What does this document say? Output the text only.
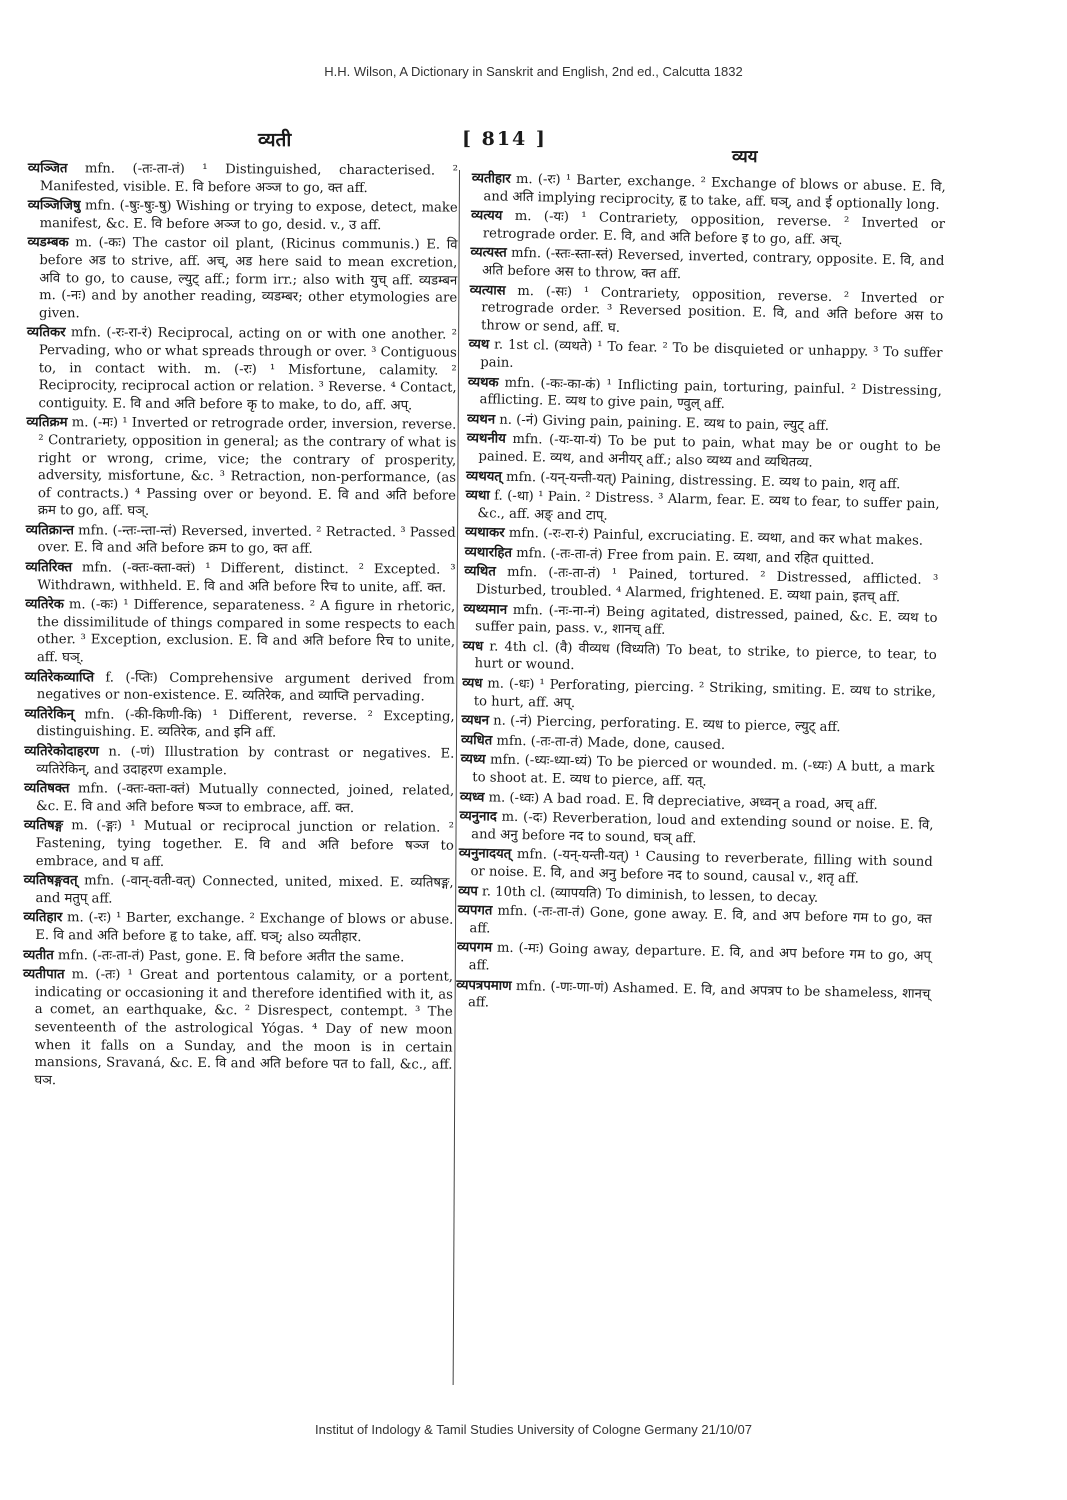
H.H. Wilson, A Dictionary in Sanskrit and English, 2nd ed., Calcutta 1832
व्यती	[ 814 ]
व्यय

व्यञ्जित mfn. (-तः-ता-तं) ¹ Distinguished, characterised. ² Manifested, visible. E. वि before अञ्ज to go, क्त aff.

व्यञ्जिजिषु mfn. (-षुः-षुः-षु) Wishing or trying to expose, detect, make manifest, &c. E. वि before अञ्ज to go, desid. v., उ aff.

व्यडम्बक m. (-कः) The castor oil plant, (Ricinus communis.) E. वि before अड to strive, aff. अच्, अड here said to mean excretion, अवि to go, to cause, ल्युट् aff.; form irr.; also with युच् aff. व्यडम्बन m. (-नः) and by another reading, व्यडम्बर; other etymologies are given.

व्यतिकर mfn. (-रः-रा-रं) Reciprocal, acting on or with one another. ² Pervading, who or what spreads through or over. ³ Contiguous to, in contact with. m. (-रः) ¹ Misfortune, calamity. ² Reciprocity, reciprocal action or relation. ³ Reverse. ⁴ Contact, contiguity. E. वि and अति before कृ to make, to do, aff. अप्.

व्यतिक्रम m. (-मः) ¹ Inverted or retrograde order, inversion, reverse. ² Contrariety, opposition in general; as the contrary of what is right or wrong, crime, vice; the contrary of prosperity, adversity, misfortune, &c. ³ Retraction, non-performance, (as of contracts.) ⁴ Passing over or beyond. E. वि and अति before क्रम to go, aff. घञ्.

व्यतिक्रान्त mfn. (-न्तः-न्ता-न्तं) Reversed, inverted. ² Retracted. ³ Passed over. E. वि and अति before क्रम to go, क्त aff.

व्यतिरिक्त mfn. (-क्तः-क्ता-क्तं) ¹ Different, distinct. ² Excepted. ³ Withdrawn, withheld. E. वि and अति before रिच to unite, aff. क्त.

व्यतिरेक m. (-कः) ¹ Difference, separateness. ² A figure in rhetoric, the dissimilitude of things compared in some respects to each other. ³ Exception, exclusion. E. वि and अति before रिच to unite, aff. घञ्.

व्यतिरेकव्याप्ति f. (-प्तिः) Comprehensive argument derived from negatives or non-existence. E. व्यतिरेक, and व्याप्ति pervading.

व्यतिरेकिन् mfn. (-की-किणी-कि) ¹ Different, reverse. ² Excepting, distinguishing. E. व्यतिरेक, and इनि aff.

व्यतिरेकोदाहरण n. (-णं) Illustration by contrast or negatives. E. व्यतिरेकिन्, and उदाहरण example.

व्यतिषक्त mfn. (-क्तः-क्ता-क्तं) Mutually connected, joined, related, &c. E. वि and अति before षञ्ज to embrace, aff. क्त.

व्यतिषङ्ग m. (-ङ्गः) ¹ Mutual or reciprocal junction or relation. ² Fastening, tying together. E. वि and अति before षञ्ज to embrace, and घ aff.

व्यतिषङ्गवत् mfn. (-वान्-वती-वत्) Connected, united, mixed. E. व्यतिषङ्ग, and मतुप् aff.

व्यतिहार m. (-रः) ¹ Barter, exchange. ² Exchange of blows or abuse. E. वि and अति before हृ to take, aff. घञ्; also व्यतीहार.

व्यतीत mfn. (-तः-ता-तं) Past, gone. E. वि before अतीत the same.

व्यतीपात m. (-तः) ¹ Great and portentous calamity, or a portent, indicating or occasioning it and therefore identified with it, as a comet, an earthquake, &c. ² Disrespect, contempt. ³ The seventeenth of the astrological Yógas. ⁴ Day of new moon when it falls on a Sunday, and the moon is in certain mansions, Sravaná, &c. E. वि and अति before पत to fall, &c., aff. घञ.

व्यतीहार m. (-रः) ¹ Barter, exchange. ² Exchange of blows or abuse. E. वि, and अति implying reciprocity, हृ to take, aff. घञ्, and ई optionally long.

व्यत्यय m. (-यः) ¹ Contrariety, opposition, reverse. ² Inverted or retrograde order. E. वि, and अति before इ to go, aff. अच्.

व्यत्यस्त mfn. (-स्तः-स्ता-स्तं) Reversed, inverted, contrary, opposite. E. वि, and अति before अस to throw, क्त aff.

व्यत्यास m. (-सः) ¹ Contrariety, opposition, reverse. ² Inverted or retrograde order. ³ Reversed position. E. वि, and अति before अस to throw or send, aff. घ.

व्यथ r. 1st cl. (व्यथते) ¹ To fear. ² To be disquieted or unhappy. ³ To suffer pain.

व्यथक mfn. (-कः-का-कं) ¹ Inflicting pain, torturing, painful. ² Distressing, afflicting. E. व्यथ to give pain, ण्वुल् aff.

व्यथन n. (-नं) Giving pain, paining. E. व्यथ to pain, ल्युट् aff.

व्यथनीय mfn. (-यः-या-यं) To be put to pain, what may be or ought to be pained. E. व्यथ, and अनीयर् aff.; also व्यथ्य and व्यथितव्य.

व्यथयत् mfn. (-यन्-यन्ती-यत्) Paining, distressing. E. व्यथ to pain, शतृ aff.

व्यथा f. (-था) ¹ Pain. ² Distress. ³ Alarm, fear. E. व्यथ to fear, to suffer pain, &c., aff. अङ् and टाप्.

व्यथाकर mfn. (-रः-रा-रं) Painful, excruciating. E. व्यथा, and कर what makes.

व्यथारहित mfn. (-तः-ता-तं) Free from pain. E. व्यथा, and रहित quitted.

व्यथित mfn. (-तः-ता-तं) ¹ Pained, tortured. ² Distressed, afflicted. ³ Disturbed, troubled. ⁴ Alarmed, frightened. E. व्यथा pain, इतच् aff.

व्यथ्यमान mfn. (-नः-ना-नं) Being agitated, distressed, pained, &c. E. व्यथ to suffer pain, pass. v., शानच् aff.

व्यध r. 4th cl. (वै) वीव्यध (विध्यति) To beat, to strike, to pierce, to tear, to hurt or wound.

व्यध m. (-धः) ¹ Perforating, piercing. ² Striking, smiting. E. व्यध to strike, to hurt, aff. अप्.

व्यधन n. (-नं) Piercing, perforating. E. व्यध to pierce, ल्युट् aff.

व्यधित mfn. (-तः-ता-तं) Made, done, caused.

व्यध्य mfn. (-ध्यः-ध्या-ध्यं) To be pierced or wounded. m. (-ध्यः) A butt, a mark to shoot at. E. व्यध to pierce, aff. यत्.

व्यध्व m. (-ध्वः) A bad road. E. वि depreciative, अध्वन् a road, अच् aff.

व्यनुनाद m. (-दः) Reverberation, loud and extending sound or noise. E. वि, and अनु before नद to sound, घञ् aff.

व्यनुनादयत् mfn. (-यन्-यन्ती-यत्) ¹ Causing to reverberate, filling with sound or noise. E. वि, and अनु before नद to sound, causal v., शतृ aff.

व्यप r. 10th cl. (व्यापयति) To diminish, to lessen, to decay.

व्यपगत mfn. (-तः-ता-तं) Gone, gone away. E. वि, and अप before गम to go, क्त aff.

व्यपगम m. (-मः) Going away, departure. E. वि, and अप before गम to go, अप् aff.

व्यपत्रपमाण mfn. (-णः-णा-णं) Ashamed. E. वि, and अपत्रप to be shameless, शानच् aff.

Institut of Indology & Tamil Studies University of Cologne Germany 21/10/07
